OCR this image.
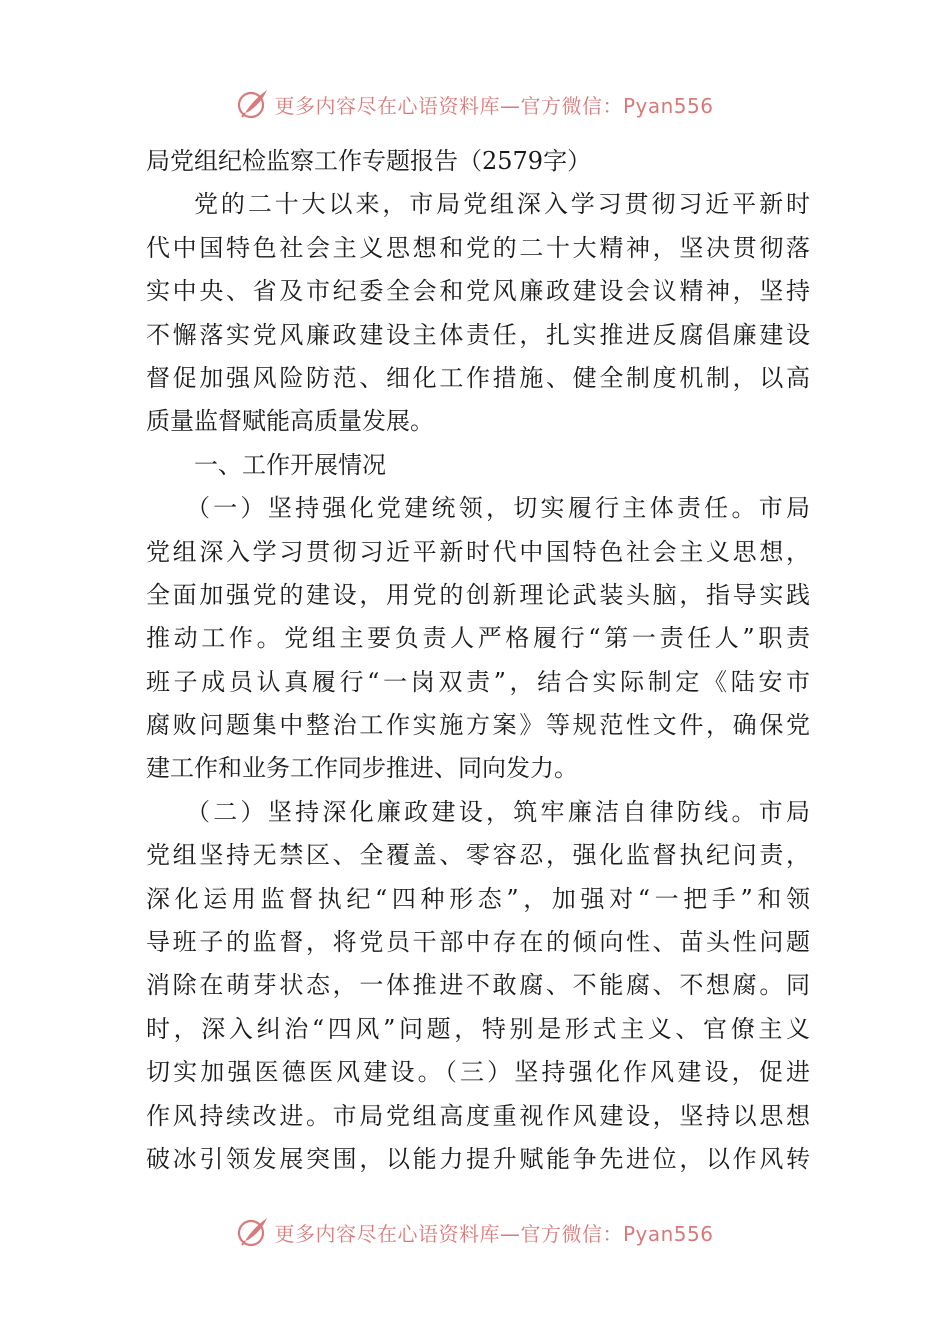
更多内容尽在心语资料库—官方微信：Pyan556
局党组纪检监察工作专题报告（2579字）
党的二十大以来，市局党组深入学习贯彻习近平新时
代中国特色社会主义思想和党的二十大精神，坚决贯彻落
实中央、省及市纪委全会和党风廉政建设会议精神，坚持
不懈落实党风廉政建设主体责任，扎实推进反腐倡廉建设
督促加强风险防范、细化工作措施、健全制度机制，以高
质量监督赋能高质量发展。
一、工作开展情况
（一）坚持强化党建统领，切实履行主体责任。市局
党组深入学习贯彻习近平新时代中国特色社会主义思想，
全面加强党的建设，用党的创新理论武装头脑，指导实践
推动工作。党组主要负责人严格履行“第一责任人”职责
班子成员认真履行“一岗双责”，结合实际制定《陆安市
腐败问题集中整治工作实施方案》等规范性文件，确保党
建工作和业务工作同步推进、同向发力。
（二）坚持深化廉政建设，筑牢廉洁自律防线。市局
党组坚持无禁区、全覆盖、零容忍，强化监督执纪问责，
深化运用监督执纪“四种形态”，加强对“一把手”和领
导班子的监督，将党员干部中存在的倾向性、苗头性问题
消除在萌芽状态，一体推进不敢腐、不能腐、不想腐。同
时，深入纠治“四风”问题，特别是形式主义、官僚主义
切实加强医德医风建设。（三）坚持强化作风建设，促进
作风持续改进。市局党组高度重视作风建设，坚持以思想
破冰引领发展突围，以能力提升赋能争先进位，以作风转
更多内容尽在心语资料库—官方微信：Pyan556
